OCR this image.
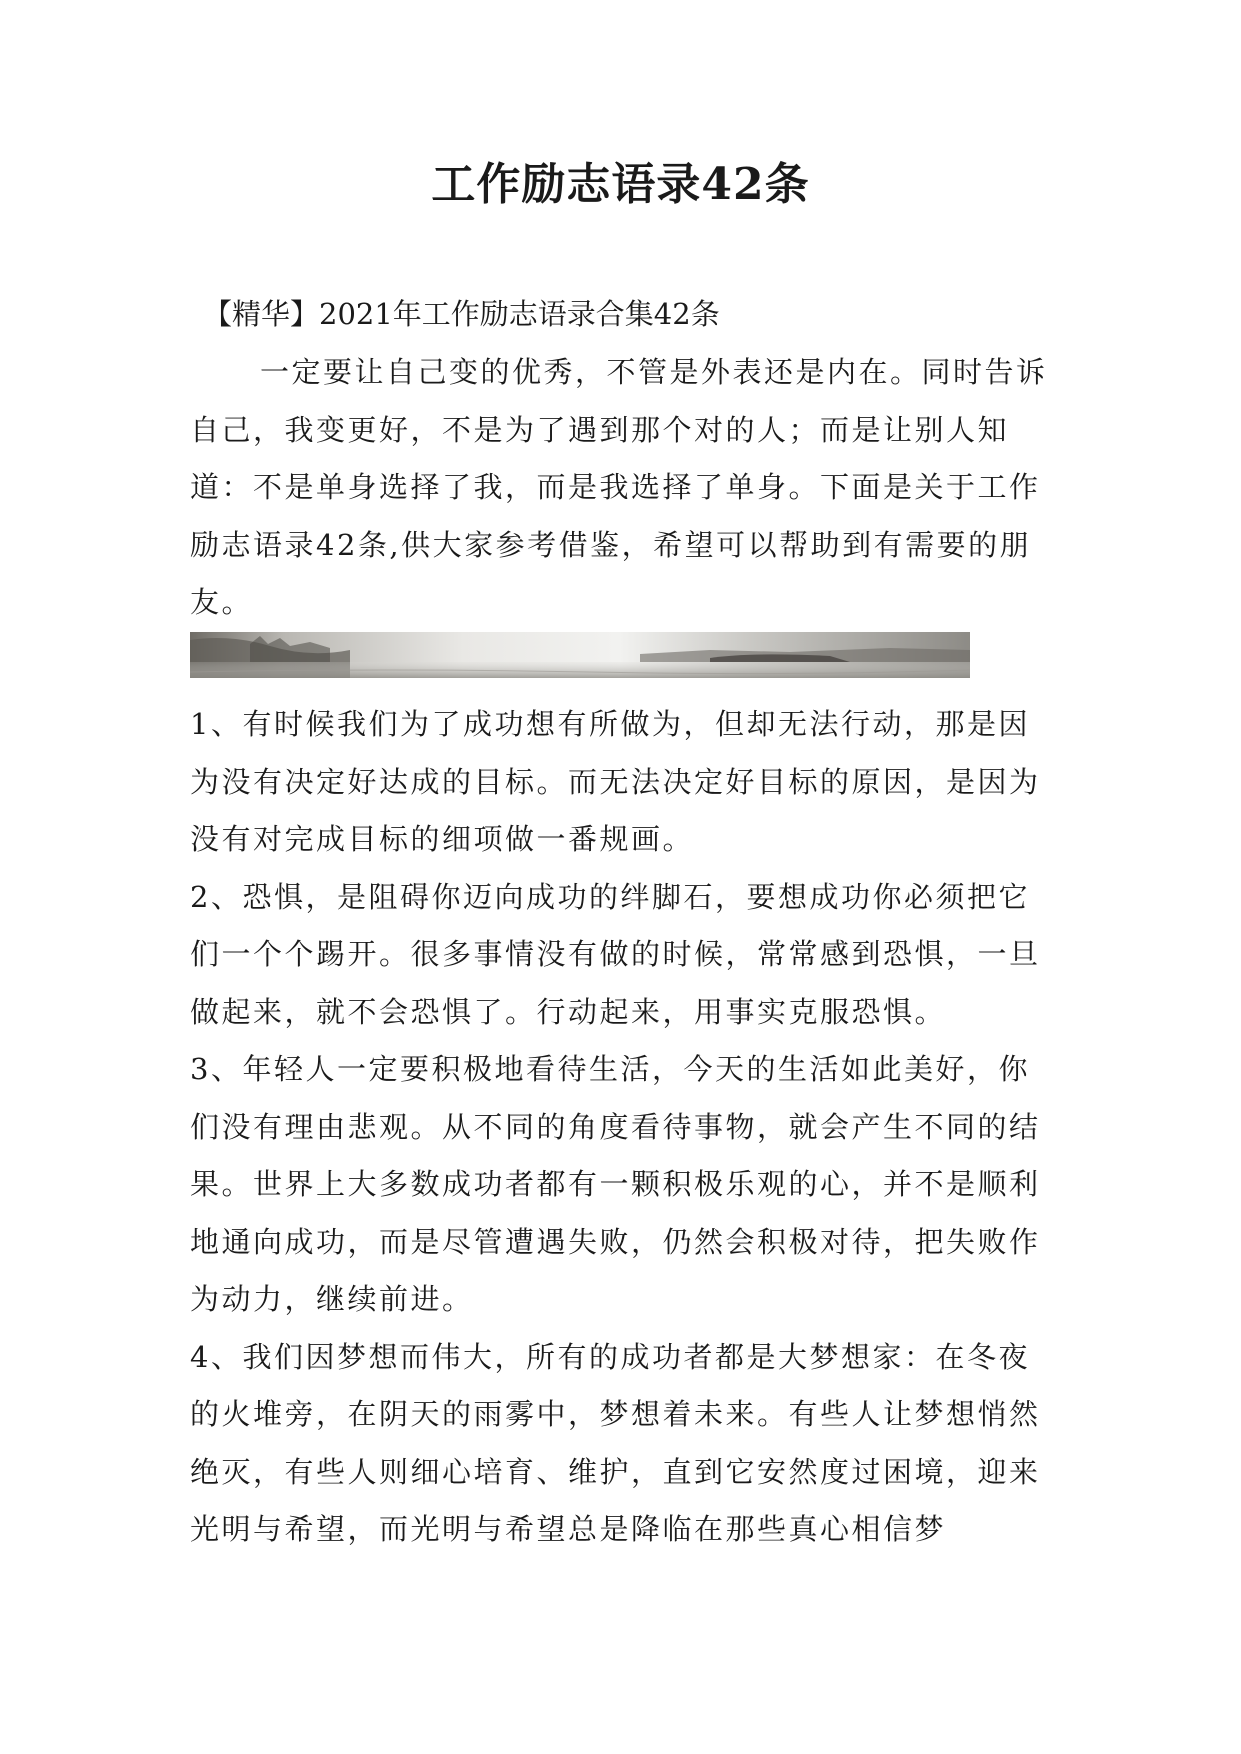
工作励志语录42条
【精华】2021年工作励志语录合集42条
一定要让自己变的优秀，不管是外表还是内在。同时告诉自己，我变更好，不是为了遇到那个对的人；而是让别人知道：不是单身选择了我，而是我选择了单身。下面是关于工作励志语录42条,供大家参考借鉴，希望可以帮助到有需要的朋友。

1、有时候我们为了成功想有所做为，但却无法行动，那是因为没有决定好达成的目标。而无法决定好目标的原因，是因为没有对完成目标的细项做一番规画。

2、恐惧，是阻碍你迈向成功的绊脚石，要想成功你必须把它们一个个踢开。很多事情没有做的时候，常常感到恐惧，一旦做起来，就不会恐惧了。行动起来，用事实克服恐惧。

3、年轻人一定要积极地看待生活，今天的生活如此美好，你们没有理由悲观。从不同的角度看待事物，就会产生不同的结果。世界上大多数成功者都有一颗积极乐观的心，并不是顺利地通向成功，而是尽管遭遇失败，仍然会积极对待，把失败作为动力，继续前进。

4、我们因梦想而伟大，所有的成功者都是大梦想家：在冬夜的火堆旁，在阴天的雨雾中，梦想着未来。有些人让梦想悄然绝灭，有些人则细心培育、维护，直到它安然度过困境，迎来光明与希望，而光明与希望总是降临在那些真心相信梦
